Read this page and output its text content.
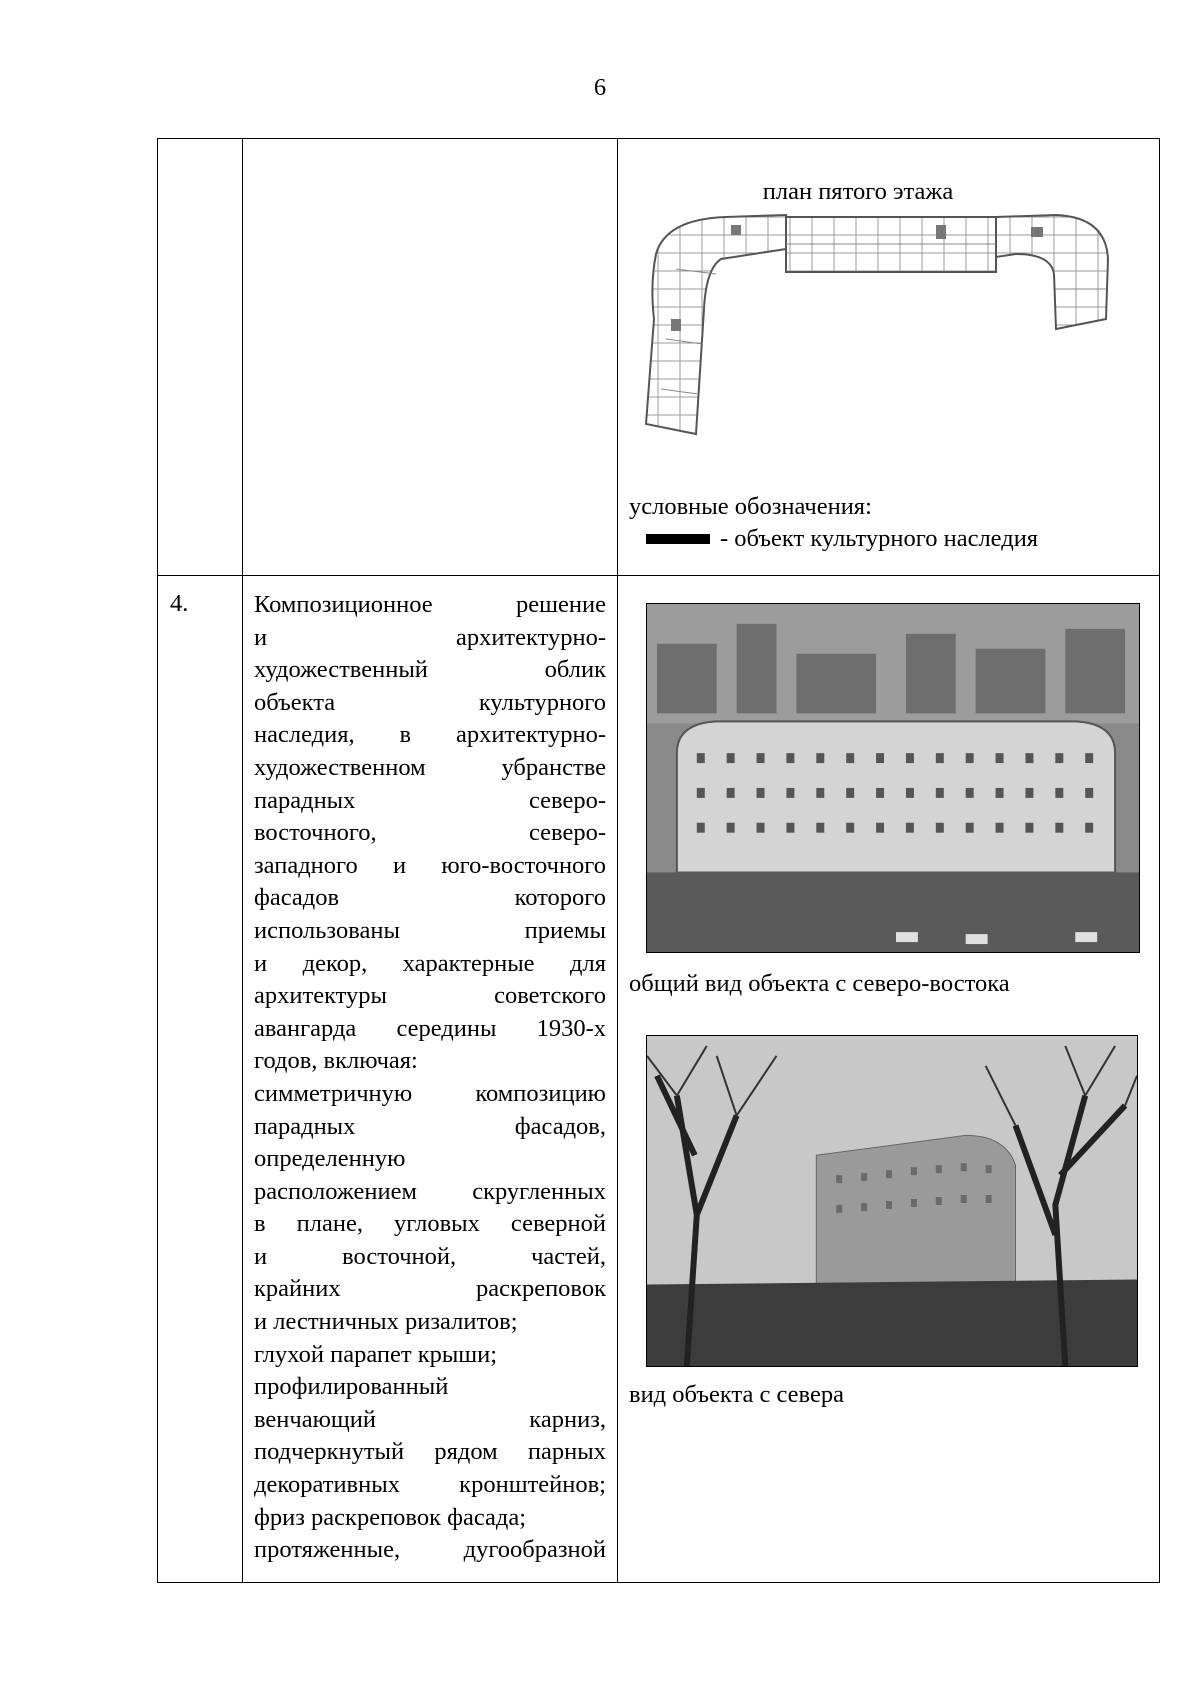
6
план пятого этажа
условные обозначения:
- объект культурного наследия
4.	Композиционное решение
и архитектурно-
художественный облик
объекта культурного
наследия, в архитектурно-
художественном убранстве
парадных северо-
восточного, северо-
западного и юго-восточного
фасадов которого
использованы приемы
и декор, характерные для
архитектуры советского
авангарда середины 1930-х
годов, включая:
симметричную композицию
парадных фасадов,
определенную
расположением скругленных
в плане, угловых северной
и восточной, частей,
крайних раскреповок
и лестничных ризалитов;
глухой парапет крыши;
профилированный
венчающий карниз,
подчеркнутый рядом парных
декоративных кронштейнов;
фриз раскреповок фасада;
протяженные, дугообразной
общий вид объекта с северо-востока
вид объекта с севера
